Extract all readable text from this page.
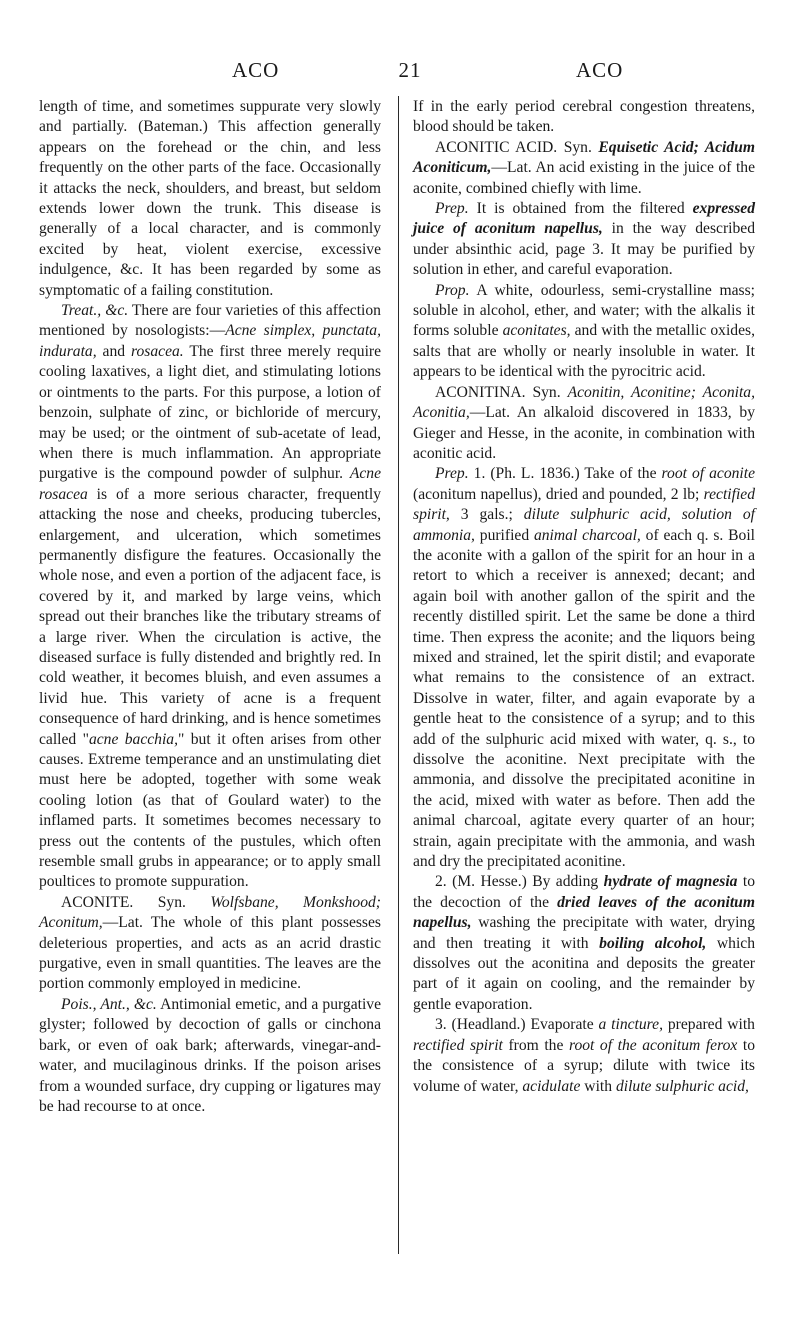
ACO	21	ACO

length of time, and sometimes suppurate very slowly and partially. (Bateman.) This affection generally appears on the forehead or the chin, and less frequently on the other parts of the face. Occasionally it attacks the neck, shoulders, and breast, but seldom extends lower down the trunk. This disease is generally of a local character, and is commonly excited by heat, violent exercise, excessive indulgence, &c. It has been regarded by some as symptomatic of a failing constitution.

Treat., &c. There are four varieties of this affection mentioned by nosologists:—Acne simplex, punctata, indurata, and rosacea. The first three merely require cooling laxatives, a light diet, and stimulating lotions or ointments to the parts. For this purpose, a lotion of benzoin, sulphate of zinc, or bichloride of mercury, may be used; or the ointment of sub-acetate of lead, when there is much inflammation. An appropriate purgative is the compound powder of sulphur. Acne rosacea is of a more serious character, frequently attacking the nose and cheeks, producing tubercles, enlargement, and ulceration, which sometimes permanently disfigure the features. Occasionally the whole nose, and even a portion of the adjacent face, is covered by it, and marked by large veins, which spread out their branches like the tributary streams of a large river. When the circulation is active, the diseased surface is fully distended and brightly red. In cold weather, it becomes bluish, and even assumes a livid hue. This variety of acne is a frequent consequence of hard drinking, and is hence sometimes called "acne bacchia," but it often arises from other causes. Extreme temperance and an unstimulating diet must here be adopted, together with some weak cooling lotion (as that of Goulard water) to the inflamed parts. It sometimes becomes necessary to press out the contents of the pustules, which often resemble small grubs in appearance; or to apply small poultices to promote suppuration.

ACONITE. Syn. Wolfsbane, Monkshood; Aconitum,—Lat. The whole of this plant possesses deleterious properties, and acts as an acrid drastic purgative, even in small quantities. The leaves are the portion commonly employed in medicine.

Pois., Ant., &c. Antimonial emetic, and a purgative glyster; followed by decoction of galls or cinchona bark, or even of oak bark; afterwards, vinegar-and-water, and mucilaginous drinks. If the poison arises from a wounded surface, dry cupping or ligatures may be had recourse to at once.

If in the early period cerebral congestion threatens, blood should be taken.

ACONITIC ACID. Syn. Equisetic Acid; Acidum Aconiticum,—Lat. An acid existing in the juice of the aconite, combined chiefly with lime.

Prep. It is obtained from the filtered expressed juice of aconitum napellus, in the way described under absinthic acid, page 3. It may be purified by solution in ether, and careful evaporation.

Prop. A white, odourless, semi-crystalline mass; soluble in alcohol, ether, and water; with the alkalis it forms soluble aconitates, and with the metallic oxides, salts that are wholly or nearly insoluble in water. It appears to be identical with the pyrocitric acid.

ACONITINA. Syn. Aconitin, Aconitine; Aconita, Aconitia,—Lat. An alkaloid discovered in 1833, by Gieger and Hesse, in the aconite, in combination with aconitic acid.

Prep. 1. (Ph. L. 1836.) Take of the root of aconite (aconitum napellus), dried and pounded, 2 lb; rectified spirit, 3 gals.; dilute sulphuric acid, solution of ammonia, purified animal charcoal, of each q. s. Boil the aconite with a gallon of the spirit for an hour in a retort to which a receiver is annexed; decant; and again boil with another gallon of the spirit and the recently distilled spirit. Let the same be done a third time. Then express the aconite; and the liquors being mixed and strained, let the spirit distil; and evaporate what remains to the consistence of an extract. Dissolve in water, filter, and again evaporate by a gentle heat to the consistence of a syrup; and to this add of the sulphuric acid mixed with water, q. s., to dissolve the aconitine. Next precipitate with the ammonia, and dissolve the precipitated aconitine in the acid, mixed with water as before. Then add the animal charcoal, agitate every quarter of an hour; strain, again precipitate with the ammonia, and wash and dry the precipitated aconitine.

2. (M. Hesse.) By adding hydrate of magnesia to the decoction of the dried leaves of the aconitum napellus, washing the precipitate with water, drying and then treating it with boiling alcohol, which dissolves out the aconitina and deposits the greater part of it again on cooling, and the remainder by gentle evaporation.

3. (Headland.) Evaporate a tincture, prepared with rectified spirit from the root of the aconitum ferox to the consistence of a syrup; dilute with twice its volume of water, acidulate with dilute sulphuric acid,
